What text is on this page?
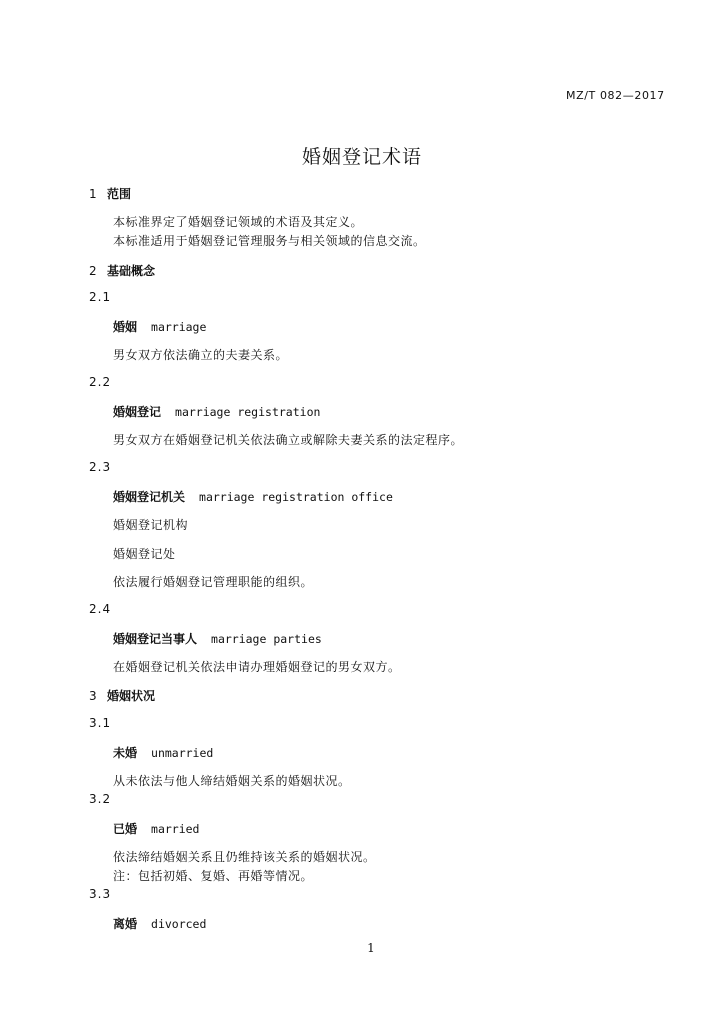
MZ/T 082—2017
婚姻登记术语
1 范围
本标准界定了婚姻登记领域的术语及其定义。
本标准适用于婚姻登记管理服务与相关领域的信息交流。
2 基础概念
2.1
婚姻 marriage
男女双方依法确立的夫妻关系。
2.2
婚姻登记 marriage registration
男女双方在婚姻登记机关依法确立或解除夫妻关系的法定程序。
2.3
婚姻登记机关 marriage registration office
婚姻登记机构
婚姻登记处
依法履行婚姻登记管理职能的组织。
2.4
婚姻登记当事人 marriage parties
在婚姻登记机关依法申请办理婚姻登记的男女双方。
3 婚姻状况
3.1
未婚 unmarried
从未依法与他人缔结婚姻关系的婚姻状况。
3.2
已婚 married
依法缔结婚姻关系且仍维持该关系的婚姻状况。
注：包括初婚、复婚、再婚等情况。
3.3
离婚 divorced
1
